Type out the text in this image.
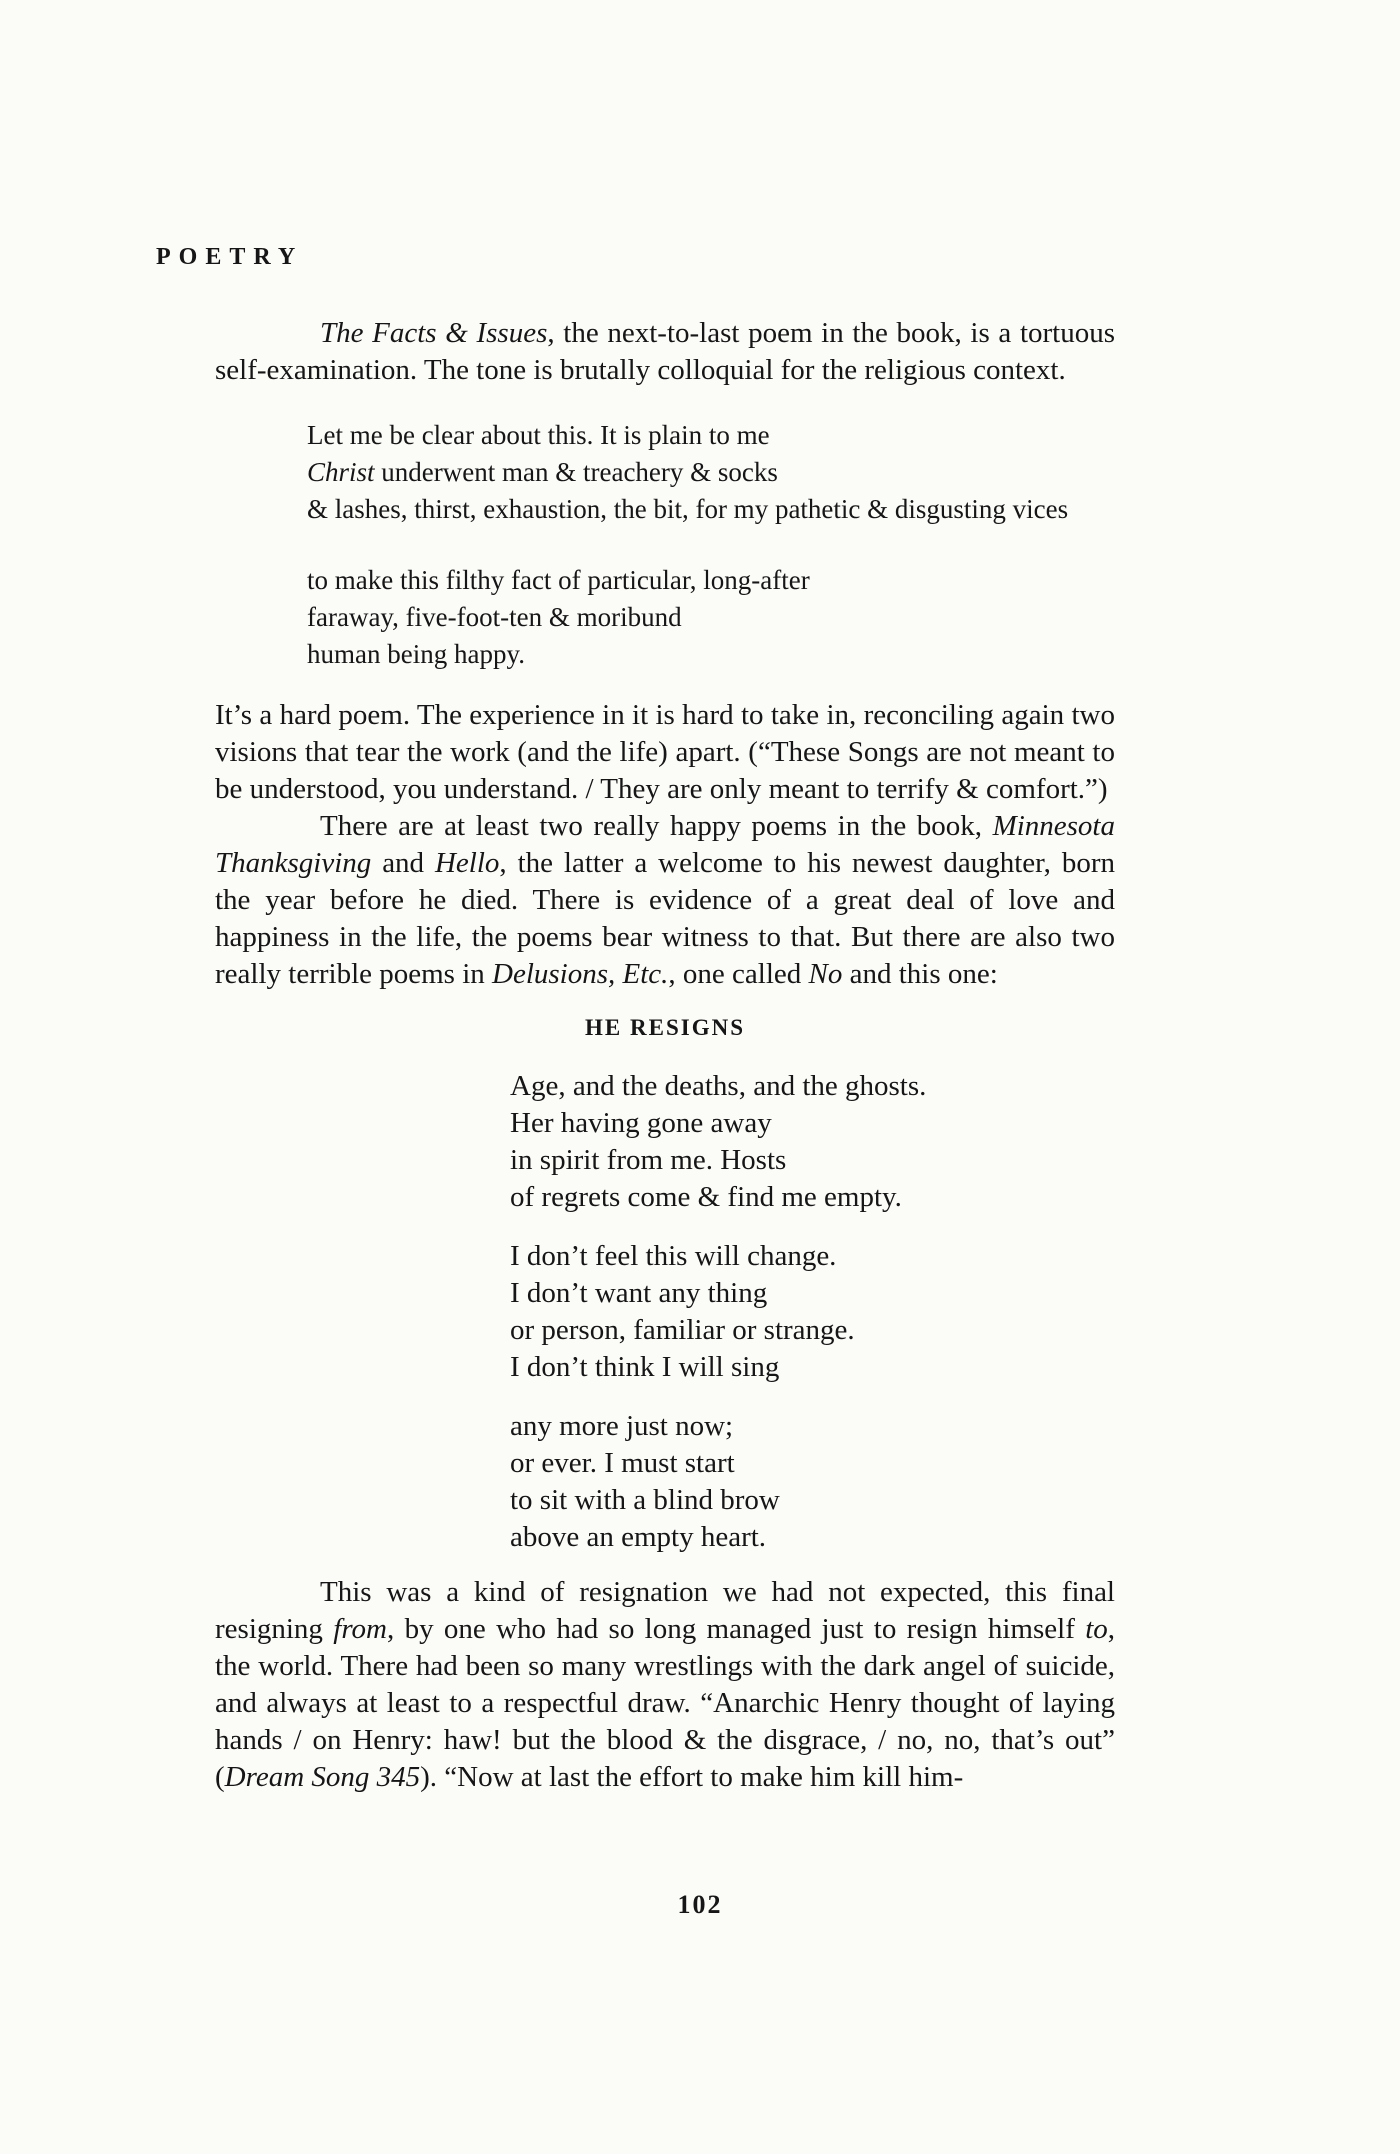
POETRY

The Facts & Issues, the next-to-last poem in the book, is a tortuous self-examination. The tone is brutally colloquial for the religious context.

Let me be clear about this. It is plain to me
Christ underwent man & treachery & socks
& lashes, thirst, exhaustion, the bit, for my pathetic & disgusting vices
to make this filthy fact of particular, long-after
faraway, five-foot-ten & moribund
human being happy.

It’s a hard poem. The experience in it is hard to take in, reconciling again two visions that tear the work (and the life) apart. (“These Songs are not meant to be understood, you understand. / They are only meant to terrify & comfort.”)

There are at least two really happy poems in the book, Minnesota Thanksgiving and Hello, the latter a welcome to his newest daughter, born the year before he died. There is evidence of a great deal of love and happiness in the life, the poems bear witness to that. But there are also two really terrible poems in Delusions, Etc., one called No and this one:

HE RESIGNS
Age, and the deaths, and the ghosts.
Her having gone away
in spirit from me. Hosts
of regrets come & find me empty.
I don’t feel this will change.
I don’t want any thing
or person, familiar or strange.
I don’t think I will sing
any more just now;
or ever. I must start
to sit with a blind brow
above an empty heart.

This was a kind of resignation we had not expected, this final resigning from, by one who had so long managed just to resign himself to, the world. There had been so many wrestlings with the dark angel of suicide, and always at least to a respectful draw. “Anarchic Henry thought of laying hands / on Henry: haw! but the blood & the disgrace, / no, no, that’s out” (Dream Song 345). “Now at last the effort to make him kill him-

102
